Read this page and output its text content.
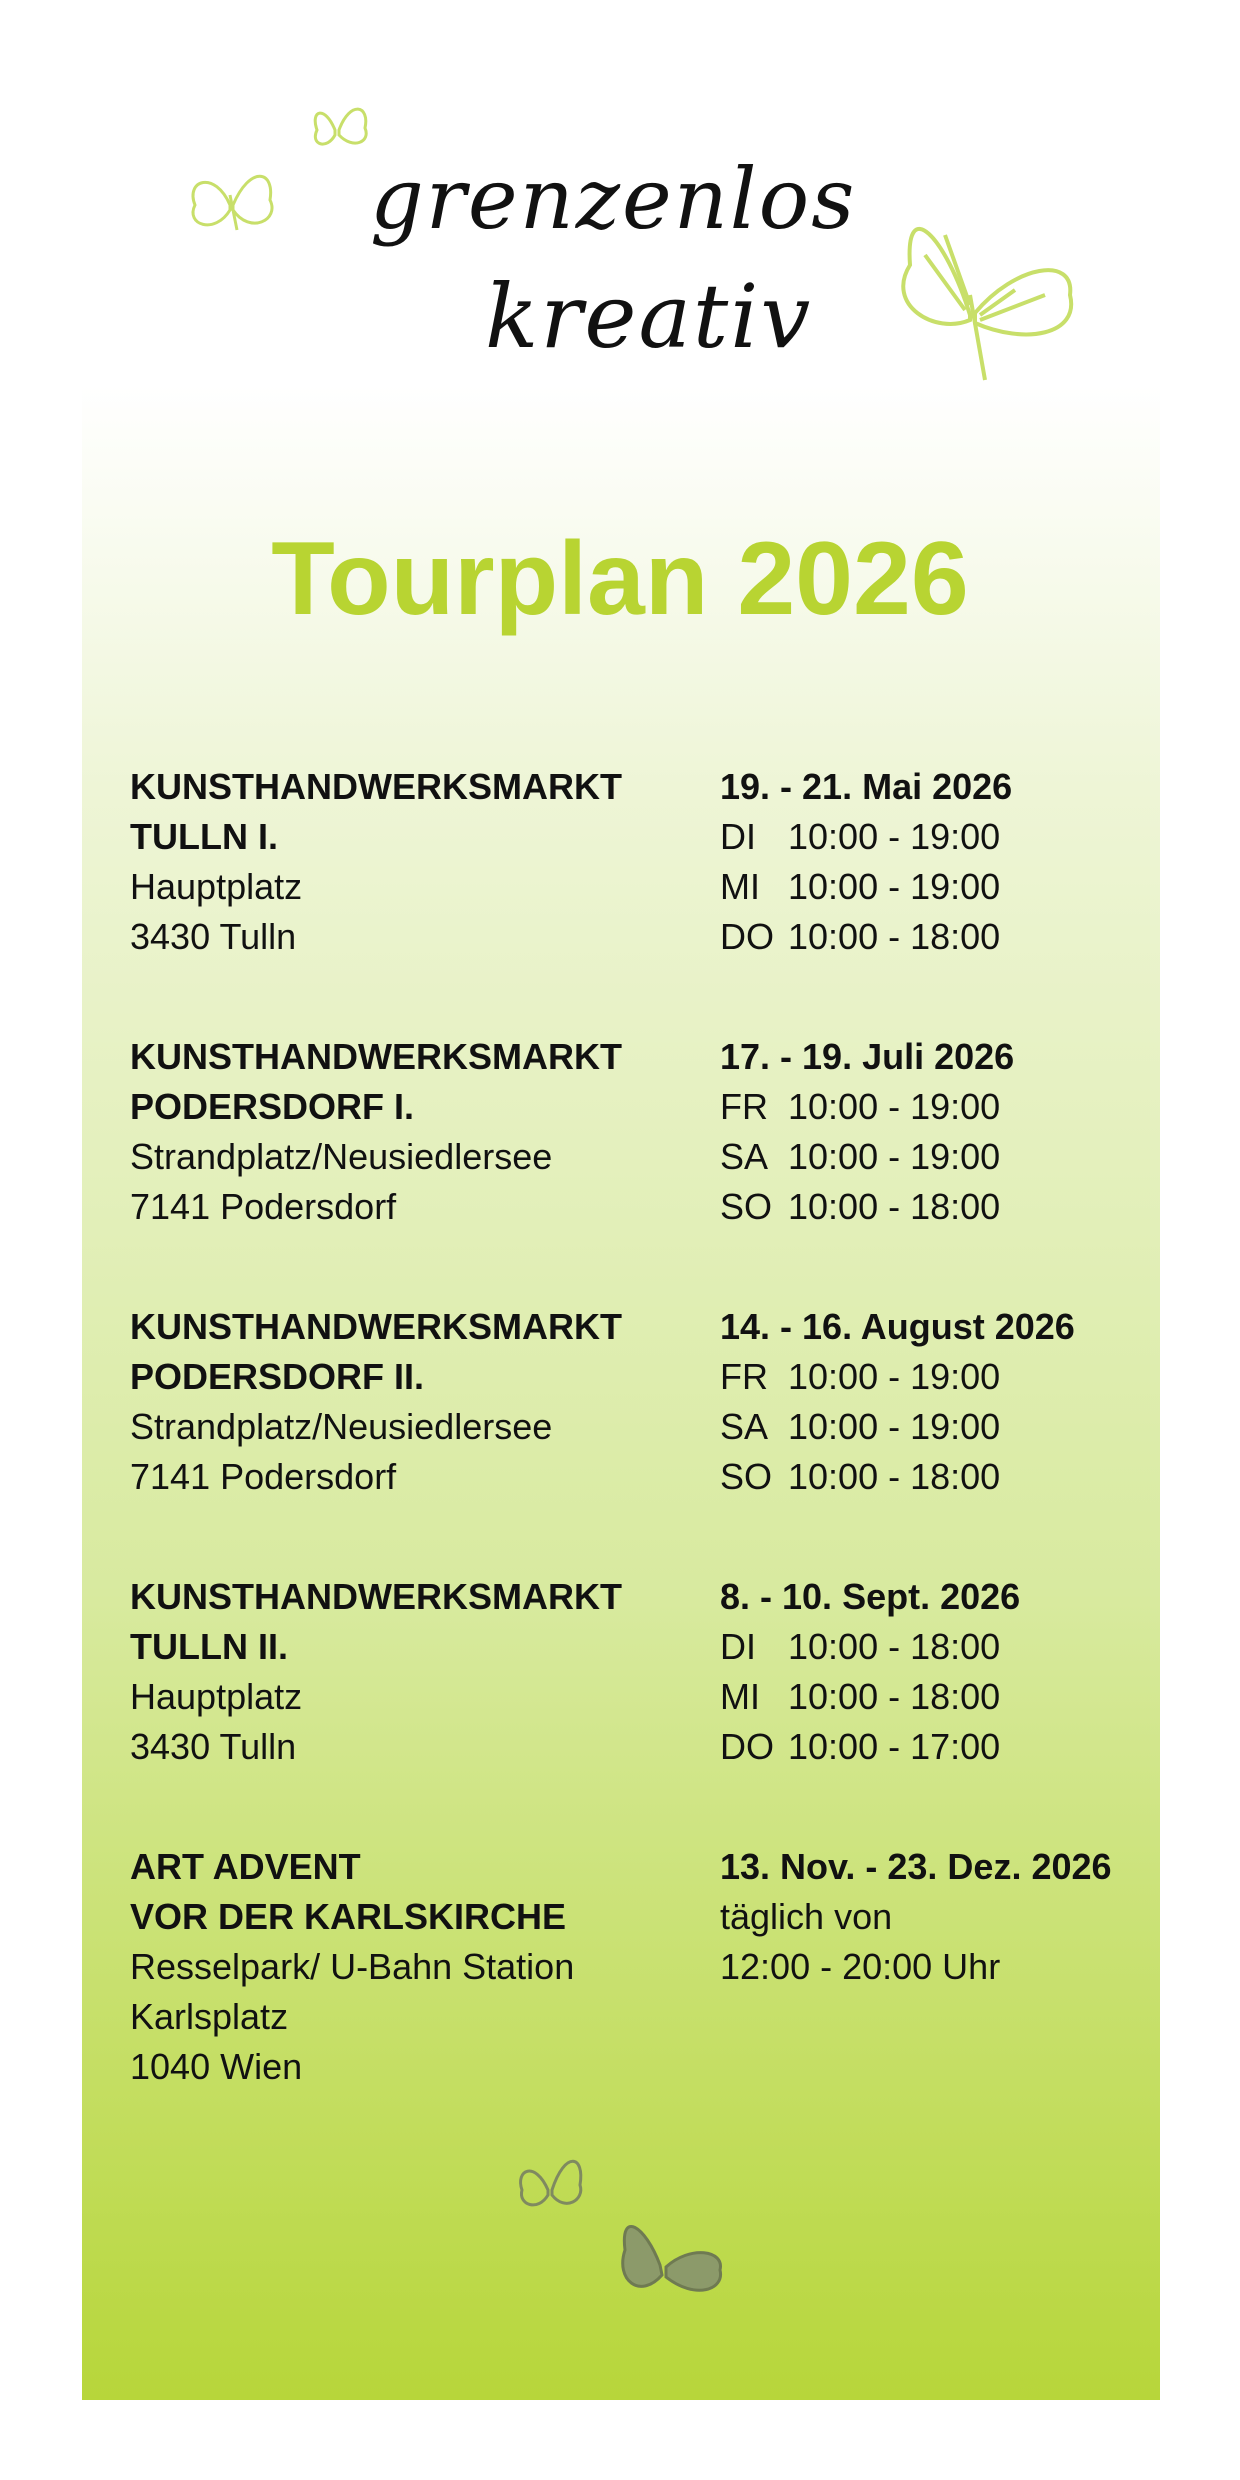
grenzenlos

kreativ

Tourplan 2026
KUNSTHANDWERKSMARKT
TULLN I.
Hauptplatz
3430 Tulln
19. - 21. Mai 2026
DI 10:00 - 19:00
MI 10:00 - 19:00
DO 10:00 - 18:00
KUNSTHANDWERKSMARKT
PODERSDORF I.
Strandplatz/Neusiedlersee
7141 Podersdorf
17. - 19. Juli 2026
FR 10:00 - 19:00
SA 10:00 - 19:00
SO 10:00 - 18:00
KUNSTHANDWERKSMARKT
PODERSDORF II.
Strandplatz/Neusiedlersee
7141 Podersdorf
14. - 16. August 2026
FR 10:00 - 19:00
SA 10:00 - 19:00
SO 10:00 - 18:00
KUNSTHANDWERKSMARKT
TULLN II.
Hauptplatz
3430 Tulln
8. - 10. Sept. 2026
DI 10:00 - 18:00
MI 10:00 - 18:00
DO 10:00 - 17:00
ART ADVENT
VOR DER KARLSKIRCHE
Resselpark/ U-Bahn Station
Karlsplatz
1040 Wien
13. Nov. - 23. Dez. 2026
täglich von
12:00 - 20:00 Uhr
